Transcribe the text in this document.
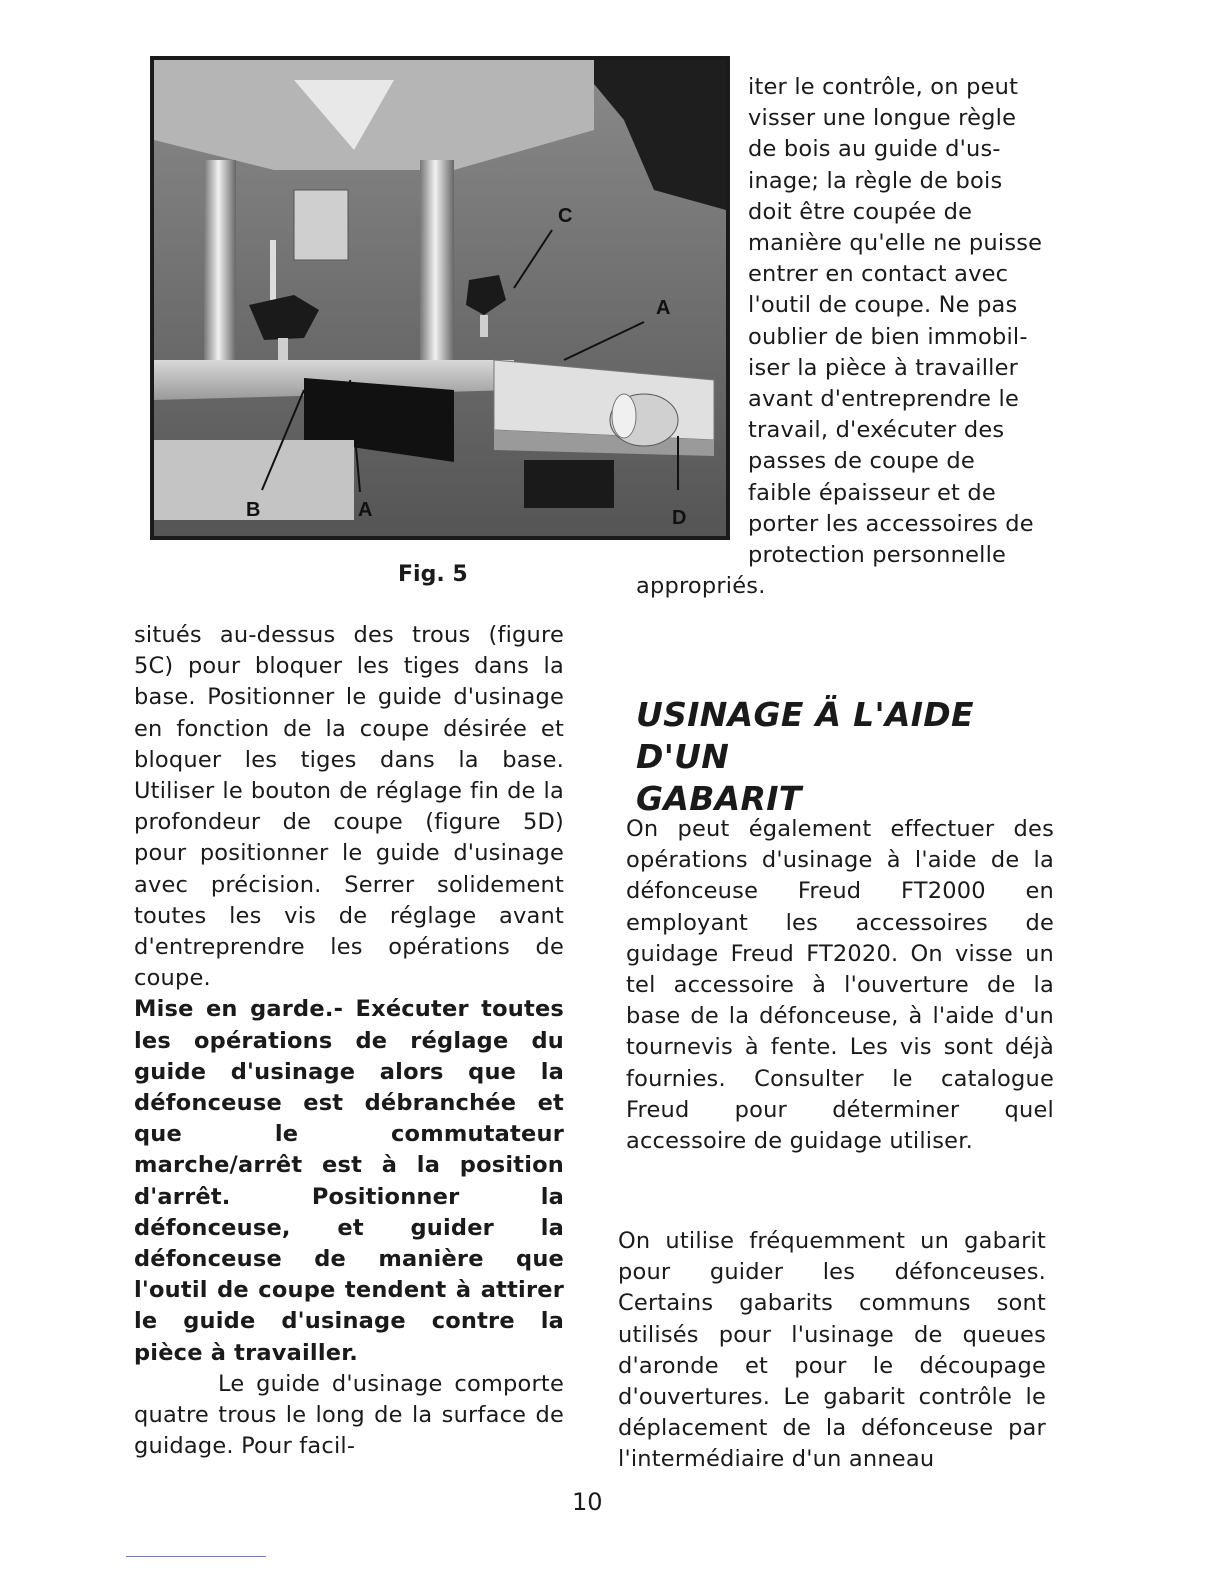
C
A
B	A	D
Fig. 5
iter le contrôle, on peut
visser une longue règle
de bois au guide d'us-
inage; la règle de bois
doit être coupée de
manière qu'elle ne puisse
entrer en contact avec
l'outil de coupe. Ne pas
oublier de bien immobil-
iser la pièce à travailler
avant d'entreprendre le
travail, d'exécuter des
passes de coupe de
faible épaisseur et de
porter les accessoires de
protection personnelle
appropriés.

situés au-dessus des trous (figure 5C) pour bloquer les tiges dans la base. Positionner le guide d'usinage en fonction de la coupe désirée et bloquer les tiges dans la base. Utiliser le bouton de réglage fin de la profondeur de coupe (figure 5D) pour positionner le guide d'usinage avec précision. Serrer solidement toutes les vis de réglage avant d'entreprendre les opérations de coupe.

Mise en garde.- Exécuter toutes les opérations de réglage du guide d'usinage alors que la défonceuse est débranchée et que le commutateur marche/arrêt est à la position d'arrêt. Positionner la défonceuse, et guider la défonceuse de manière que l'outil de coupe tendent à attirer le guide d'usinage contre la pièce à travailler.

Le guide d'usinage comporte quatre trous le long de la surface de guidage. Pour facil-

USINAGE Ä L'AIDE D'UN
GABARIT
On peut également effectuer des opérations d'usinage à l'aide de la défonceuse Freud FT2000 en employant les accessoires de guidage Freud FT2020. On visse un tel accessoire à l'ouverture de la base de la défonceuse, à l'aide d'un tournevis à fente. Les vis sont déjà fournies. Consulter le catalogue Freud pour déterminer quel accessoire de guidage utiliser.
On utilise fréquemment un gabarit pour guider les défonceuses. Certains gabarits communs sont utilisés pour l'usinage de queues d'aronde et pour le découpage d'ouvertures. Le gabarit contrôle le déplacement de la défonceuse par l'intermédiaire d'un anneau
10
